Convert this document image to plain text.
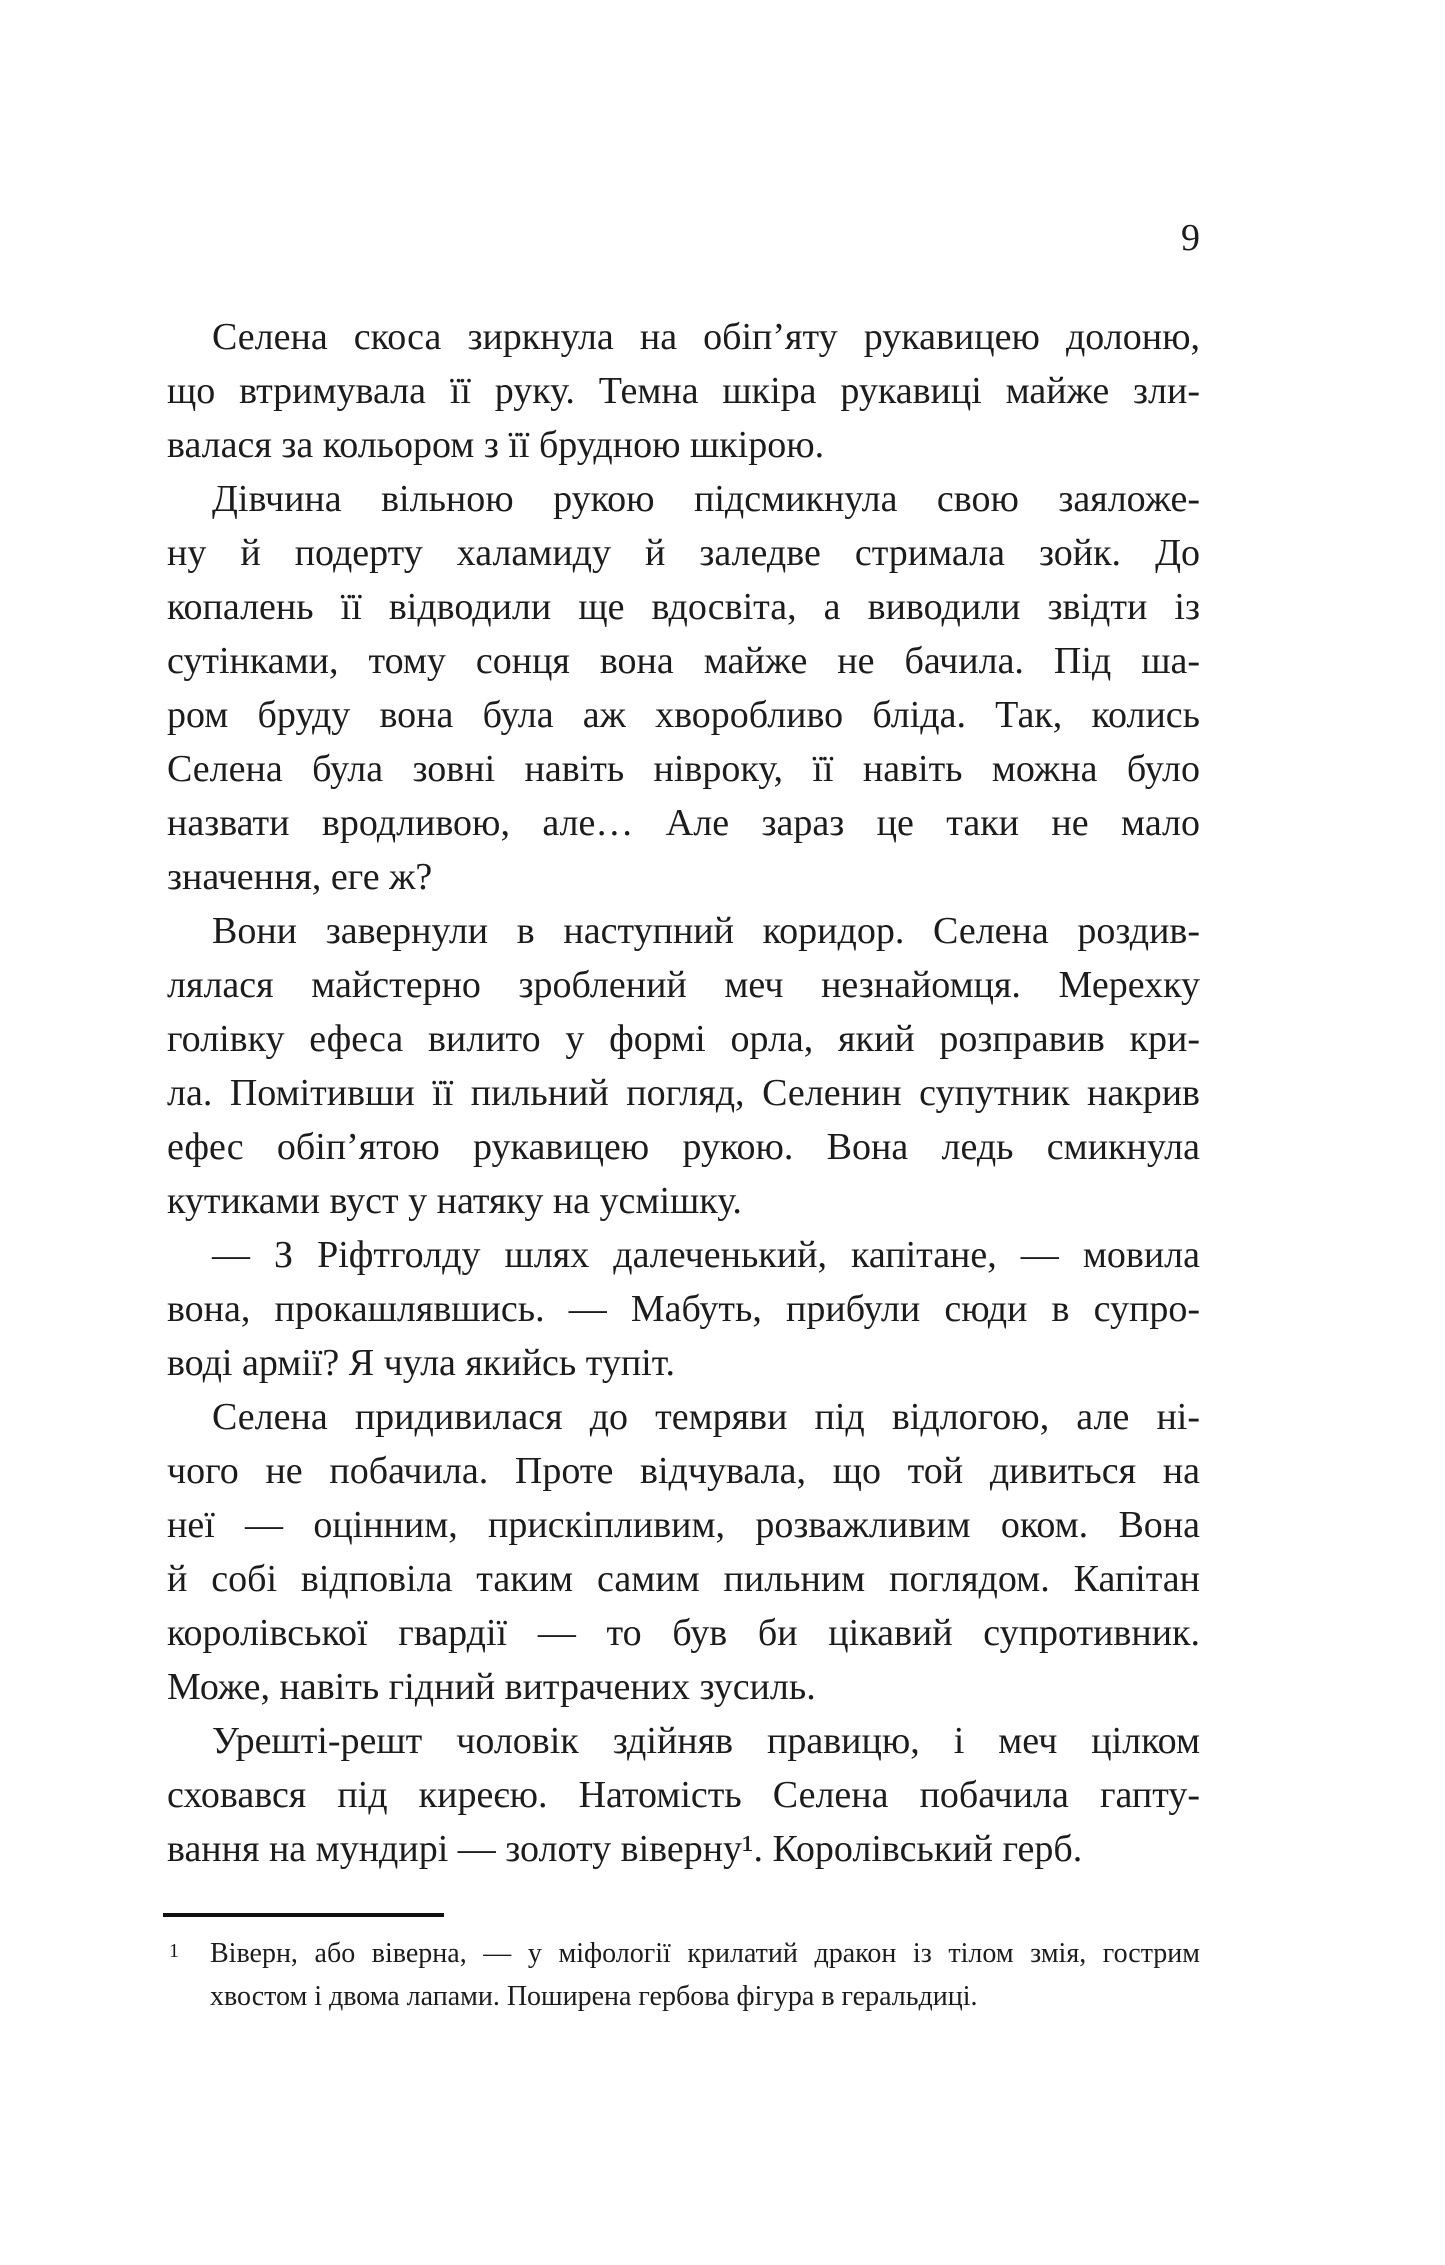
9
Селена скоса зиркнула на обіп’яту рукавицею долоню,
що втримувала її руку. Темна шкіра рукавиці майже зли-
валася за кольором з її брудною шкірою.
Дівчина вільною рукою підсмикнула свою заяложе-
ну й подерту халамиду й заледве стримала зойк. До
копалень її відводили ще вдосвіта, а виводили звідти із
сутінками, тому сонця вона майже не бачила. Під ша-
ром бруду вона була аж хворобливо бліда. Так, колись
Селена була зовні навіть нівроку, її навіть можна було
назвати вродливою, але… Але зараз це таки не мало
значення, еге ж?
Вони завернули в наступний коридор. Селена роздив-
лялася майстерно зроблений меч незнайомця. Мерехку
голівку ефеса вилито у формі орла, який розправив кри-
ла. Помітивши її пильний погляд, Селенин супутник накрив
ефес обіп’ятою рукавицею рукою. Вона ледь смикнула
кутиками вуст у натяку на усмішку.
— З Ріфтголду шлях далеченький, капітане, — мовила
вона, прокашлявшись. — Мабуть, прибули сюди в супро-
воді армії? Я чула якийсь тупіт.
Селена придивилася до темряви під відлогою, але ні-
чого не побачила. Проте відчувала, що той дивиться на
неї — оцінним, прискіпливим, розважливим оком. Вона
й собі відповіла таким самим пильним поглядом. Капітан
королівської гвардії — то був би цікавий супротивник.
Може, навіть гідний витрачених зусиль.
Урешті-решт чоловік здійняв правицю, і меч цілком
сховався під киреєю. Натомість Селена побачила гапту-
вання на мундирі — золоту віверну¹. Королівський герб.
1 Віверн, або віверна, — у міфології крилатий дракон із тілом змія, гострим
хвостом і двома лапами. Поширена гербова фігура в геральдиці.
